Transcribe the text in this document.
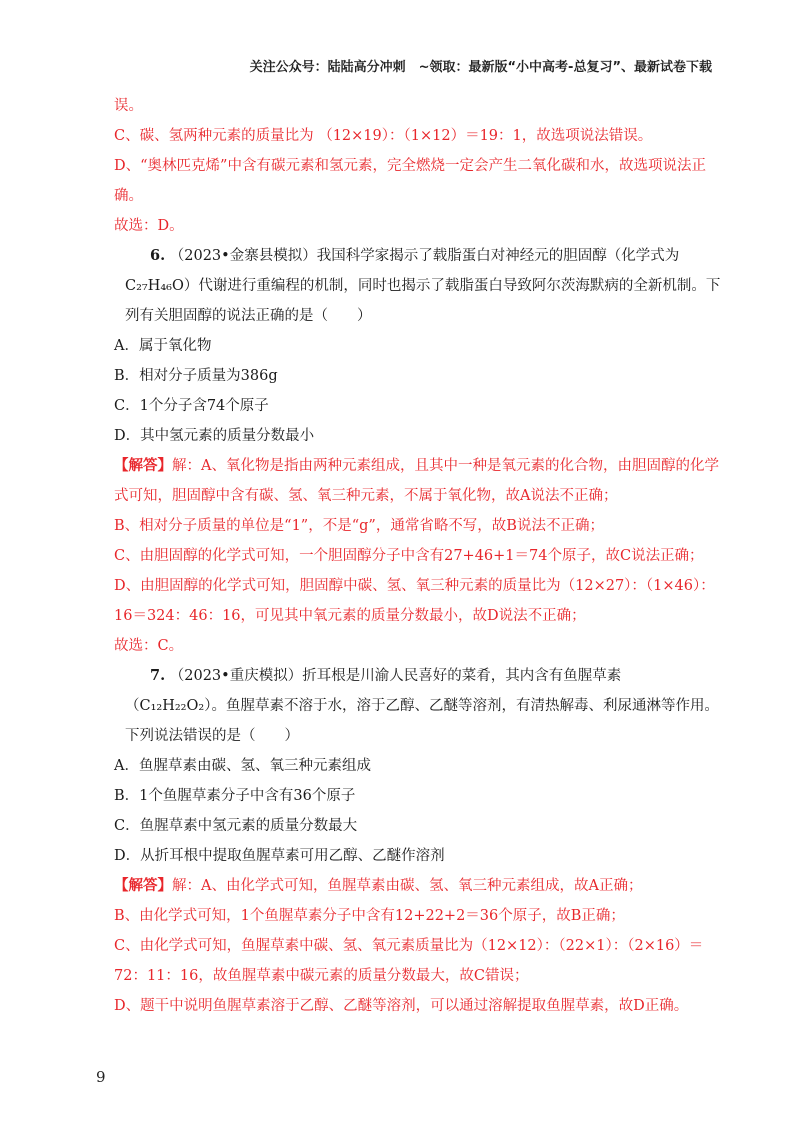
关注公众号：陆陆高分冲刺　~领取：最新版“小中高考-总复习”、最新试卷下载
误。
C、碳、氢两种元素的质量比为 （12×19）：（1×12）＝19：1，故选项说法错误。
D、“奥林匹克烯”中含有碳元素和氢元素，完全燃烧一定会产生二氧化碳和水，故选项说法正
确。
故选：D。
6. （2023•金寨县模拟）我国科学家揭示了载脂蛋白对神经元的胆固醇（化学式为
C₂₇H₄₆O）代谢进行重编程的机制，同时也揭示了载脂蛋白导致阿尔茨海默病的全新机制。下
列有关胆固醇的说法正确的是（　　）
A．属于氧化物
B．相对分子质量为386g
C．1个分子含74个原子
D．其中氢元素的质量分数最小
【解答】解：A、氧化物是指由两种元素组成，且其中一种是氧元素的化合物，由胆固醇的化学
式可知，胆固醇中含有碳、氢、氧三种元素，不属于氧化物，故A说法不正确；
B、相对分子质量的单位是“1”，不是“g”，通常省略不写，故B说法不正确；
C、由胆固醇的化学式可知，一个胆固醇分子中含有27+46+1＝74个原子，故C说法正确；
D、由胆固醇的化学式可知，胆固醇中碳、氢、氧三种元素的质量比为（12×27）：（1×46）：
16＝324：46：16，可见其中氧元素的质量分数最小，故D说法不正确；
故选：C。
7. （2023•重庆模拟）折耳根是川渝人民喜好的菜肴，其内含有鱼腥草素
（C₁₂H₂₂O₂）。鱼腥草素不溶于水，溶于乙醇、乙醚等溶剂，有清热解毒、利尿通淋等作用。
下列说法错误的是（　　）
A．鱼腥草素由碳、氢、氧三种元素组成
B．1个鱼腥草素分子中含有36个原子
C．鱼腥草素中氢元素的质量分数最大
D．从折耳根中提取鱼腥草素可用乙醇、乙醚作溶剂
【解答】解：A、由化学式可知，鱼腥草素由碳、氢、氧三种元素组成，故A正确；
B、由化学式可知，1个鱼腥草素分子中含有12+22+2＝36个原子，故B正确；
C、由化学式可知，鱼腥草素中碳、氢、氧元素质量比为（12×12）：（22×1）：（2×16）＝
72：11：16，故鱼腥草素中碳元素的质量分数最大，故C错误；
D、题干中说明鱼腥草素溶于乙醇、乙醚等溶剂，可以通过溶解提取鱼腥草素，故D正确。
9
